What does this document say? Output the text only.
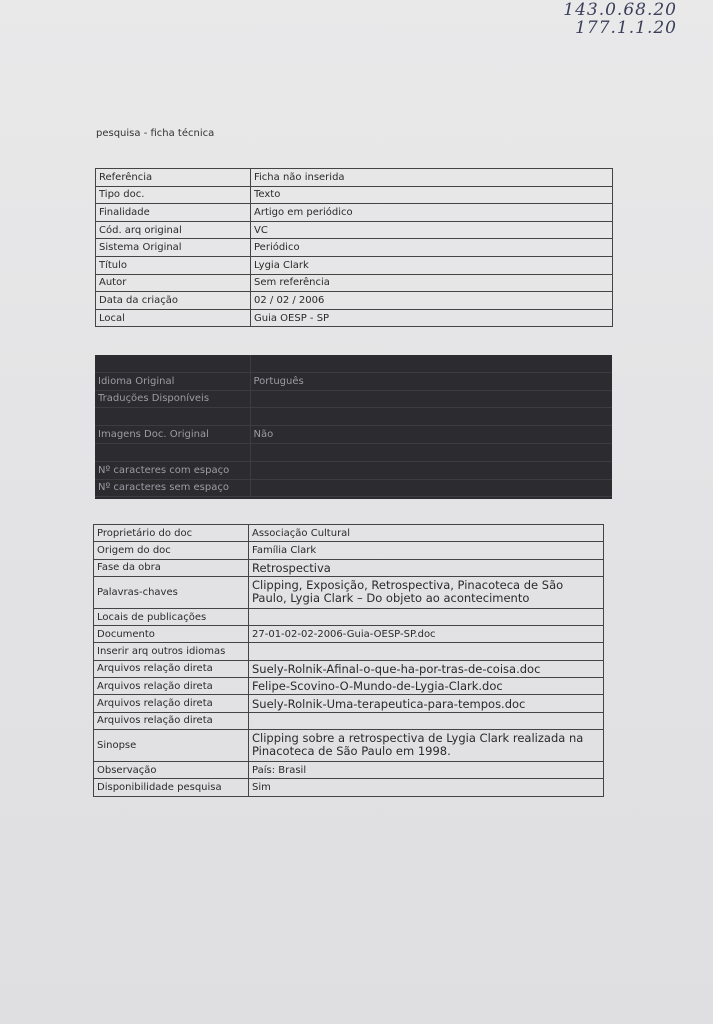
143.0.68.20
177.1.1.20
pesquisa - ficha técnica
Referência	Ficha não inserida
Tipo doc.	Texto
Finalidade	Artigo em periódico
Cód. arq original	VC
Sistema Original	Periódico
Título	Lygia Clark
Autor	Sem referência
Data da criação	02 / 02 / 2006
Local	Guia OESP - SP

Idioma Original	Português
Traduções Disponíveis	

Imagens Doc. Original	Não

Nº caracteres com espaço	
Nº caracteres sem espaço	
Proprietário do doc	Associação Cultural
Origem do doc	Família Clark
Fase da obra	Retrospectiva
Palavras-chaves	Clipping, Exposição, Retrospectiva, Pinacoteca de São Paulo, Lygia Clark – Do objeto ao acontecimento
Locais de publicações	
Documento	27-01-02-02-2006-Guia-OESP-SP.doc
Inserir arq outros idiomas	
Arquivos relação direta	Suely-Rolnik-Afinal-o-que-ha-por-tras-de-coisa.doc
Arquivos relação direta	Felipe-Scovino-O-Mundo-de-Lygia-Clark.doc
Arquivos relação direta	Suely-Rolnik-Uma-terapeutica-para-tempos.doc
Arquivos relação direta	
Sinopse	Clipping sobre a retrospectiva de Lygia Clark realizada na Pinacoteca de São Paulo em 1998.
Observação	País: Brasil
Disponibilidade pesquisa	Sim
